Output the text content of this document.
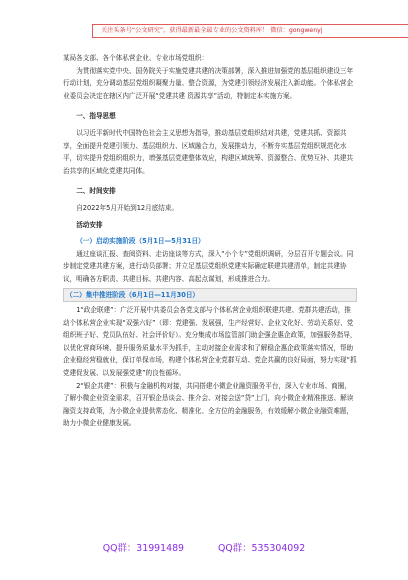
关注头条号“公文研究”，获得最新最全最专业的公文资料库！ 微信：gongwenyj

某局各支部、各个体私营企业、专业市场党组织：

为贯彻落实党中央、国务院关于实施党建共建的决策部署，深入推进加强党的基层组织建设三年行动计划，充分调动基层党组织凝聚力量、整合资源，为党建引领经济发展注入新动能。个体私营企业委员会决定在辖区内广泛开展“党建共建 资源共享”活动，特制定本实施方案。

一、指导思想

以习近平新时代中国特色社会主义思想为指导，推动基层党组织结对共建，党建共抓、资源共享，全面提升党建引领力、基层组织力、区域融合力，发展推动力，不断夯实基层党组织规范化水平，切实提升党组织组织力，增强基层党建整体效应，构建区域统筹、资源整合、优势互补、共建共治共享的区域化党建共同体。

二、时间安排

自2022年5月开始到12月底结束。

活动安排

（一）启动实施阶段（5月1日—5月31日）

通过座谈汇报、查阅资料、走访座谈等方式，深入“小个专”党组织调研，分层召开专题会议。同步制定党建共建方案，进行动员部署；并立足基层党组织党建实际确定联建共建清单，制定共建协议，明确各方职责、共建目标、共建内容、高起点谋划，形成推进合力。

（二）集中推进阶段（6月1日—11月30日）

1“政企联建”：广泛开展中共委员会各党支部与个体私营企业组织联建共建、党群共建活动，推动个体私营企业实现“双强六好”（即：党建强、发展强，生产经营好、企业文化好、劳动关系好、党组织班子好、党员队伍好、社会评价好）。充分集成市场监管部门助企强企惠企政策，加强服务指导，以优化营商环境、提升服务质量水平为抓手，主动对接企业需求和了解稳企惠企政策落实情况，帮助企业稳经营稳就业，保订单保市场，构建个体私营企业党群互动、党企共赢的良好局面，努力实现“抓党建促发展、以发展强党建”的良性循环。

2“银企共建”：积极与金融机构对接，共同搭建小微企业融资服务平台，深入专业市场、商圈，了解小微企业资金需求，召开银企恳谈会、推介会、对接会送“贷”上门，向小微企业精准推送、解读融资支持政策，为小微企业提供常态化、精准化、全方位的金融服务，有效缓解小微企业融资难题，助力小微企业健康发展。

QQ群：31991489	QQ群：535304092
